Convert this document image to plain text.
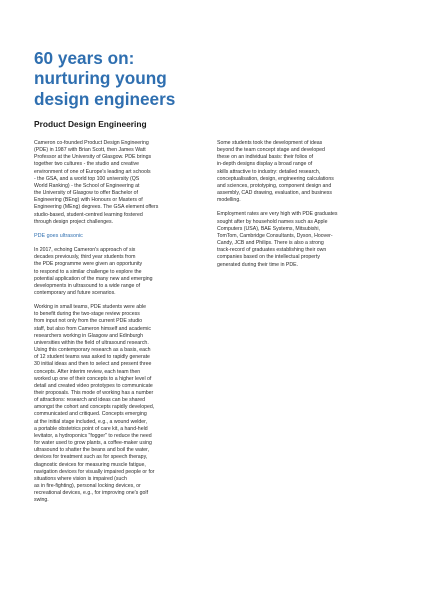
60 years on:
nurturing young
design engineers
Product Design Engineering

Cameron co-founded Product Design Engineering
(PDE) in 1987 with Brian Scott, then James Watt
Professor at the University of Glasgow. PDE brings
together two cultures - the studio and creative
environment of one of Europe's leading art schools
- the GSA, and a world top 100 university (QS
World Ranking) - the School of Engineering at
the University of Glasgow to offer Bachelor of
Engineering (BEng) with Honours or Masters of
Engineering (MEng) degrees. The GSA element offers
studio-based, student-centred learning fostered
through design project challenges.

PDE goes ultrasonic

In 2017, echoing Cameron's approach of six
decades previously, third year students from
the PDE programme were given an opportunity
to respond to a similar challenge to explore the
potential application of the many new and emerging
developments in ultrasound to a wide range of
contemporary and future scenarios.

Working in small teams, PDE students were able
to benefit during the two-stage review process
from input not only from the current PDE studio
staff, but also from Cameron himself and academic
researchers working in Glasgow and Edinburgh
universities within the field of ultrasound research.
Using this contemporary research as a basis, each
of 12 student teams was asked to rapidly generate
30 initial ideas and then to select and present three
concepts. After interim review, each team then
worked up one of their concepts to a higher level of
detail and created video prototypes to communicate
their proposals. This mode of working has a number
of attractions: research and ideas can be shared
amongst the cohort and concepts rapidly developed,
communicated and critiqued. Concepts emerging
at the initial stage included, e.g., a wound welder,
a portable obstetrics point of care kit, a hand-held
levitator, a hydroponics "fogger" to reduce the need
for water used to grow plants, a coffee-maker using
ultrasound to shatter the beans and boil the water,
devices for treatment such as for speech therapy,
diagnostic devices for measuring muscle fatigue,
navigation devices for visually impaired people or for
situations where vision is impaired (such
as in fire-fighting), personal locking devices, or
recreational devices, e.g., for improving one's golf
swing.

Some students took the development of ideas
beyond the team concept stage and developed
these on an individual basis: their folios of
in-depth designs display a broad range of
skills attractive to industry: detailed research,
conceptualisation, design, engineering calculations
and sciences, prototyping, component design and
assembly, CAD drawing, evaluation, and business
modelling.

Employment rates are very high with PDE graduates
sought after by household names such as Apple
Computers (USA), BAE Systems, Mitsubishi,
TomTom, Cambridge Consultants, Dyson, Hoover-
Candy, JCB and Philips. There is also a strong
track-record of graduates establishing their own
companies based on the intellectual property
generated during their time in PDE.
